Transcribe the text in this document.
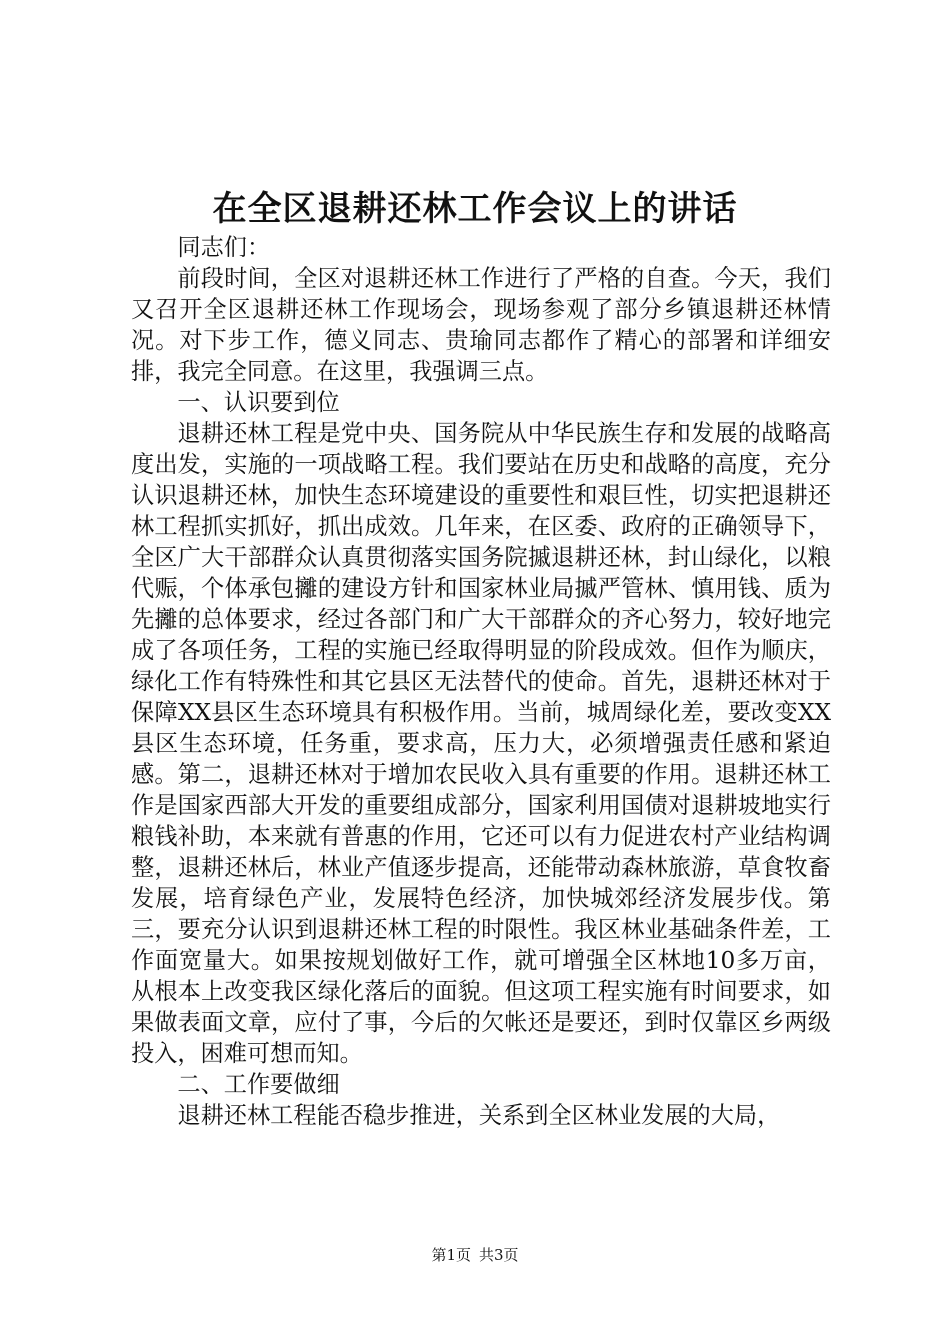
在全区退耕还林工作会议上的讲话

同志们：

前段时间，全区对退耕还林工作进行了严格的自查。今天，我们又召开全区退耕还林工作现场会，现场参观了部分乡镇退耕还林情况。对下步工作，德义同志、贵瑜同志都作了精心的部署和详细安排，我完全同意。在这里，我强调三点。

一、认识要到位

退耕还林工程是党中央、国务院从中华民族生存和发展的战略高度出发，实施的一项战略工程。我们要站在历史和战略的高度，充分认识退耕还林，加快生态环境建设的重要性和艰巨性，切实把退耕还林工程抓实抓好，抓出成效。几年来，在区委、政府的正确领导下，全区广大干部群众认真贯彻落实国务院摵退耕还林，封山绿化，以粮代赈，个体承包攡的建设方针和国家林业局摵严管林、慎用钱、质为先攡的总体要求，经过各部门和广大干部群众的齐心努力，较好地完成了各项任务，工程的实施已经取得明显的阶段成效。但作为顺庆，绿化工作有特殊性和其它县区无法替代的使命。首先，退耕还林对于保障XX县区生态环境具有积极作用。当前，城周绿化差，要改变XX县区生态环境，任务重，要求高，压力大，必须增强责任感和紧迫感。第二，退耕还林对于增加农民收入具有重要的作用。退耕还林工作是国家西部大开发的重要组成部分，国家利用国债对退耕坡地实行粮钱补助，本来就有普惠的作用，它还可以有力促进农村产业结构调整，退耕还林后，林业产值逐步提高，还能带动森林旅游，草食牧畜发展，培育绿色产业，发展特色经济，加快城郊经济发展步伐。第三，要充分认识到退耕还林工程的时限性。我区林业基础条件差，工作面宽量大。如果按规划做好工作，就可增强全区林地10多万亩，从根本上改变我区绿化落后的面貌。但这项工程实施有时间要求，如果做表面文章，应付了事，今后的欠帐还是要还，到时仅靠区乡两级投入，困难可想而知。

二、工作要做细

退耕还林工程能否稳步推进，关系到全区林业发展的大局，

第1页 共3页
